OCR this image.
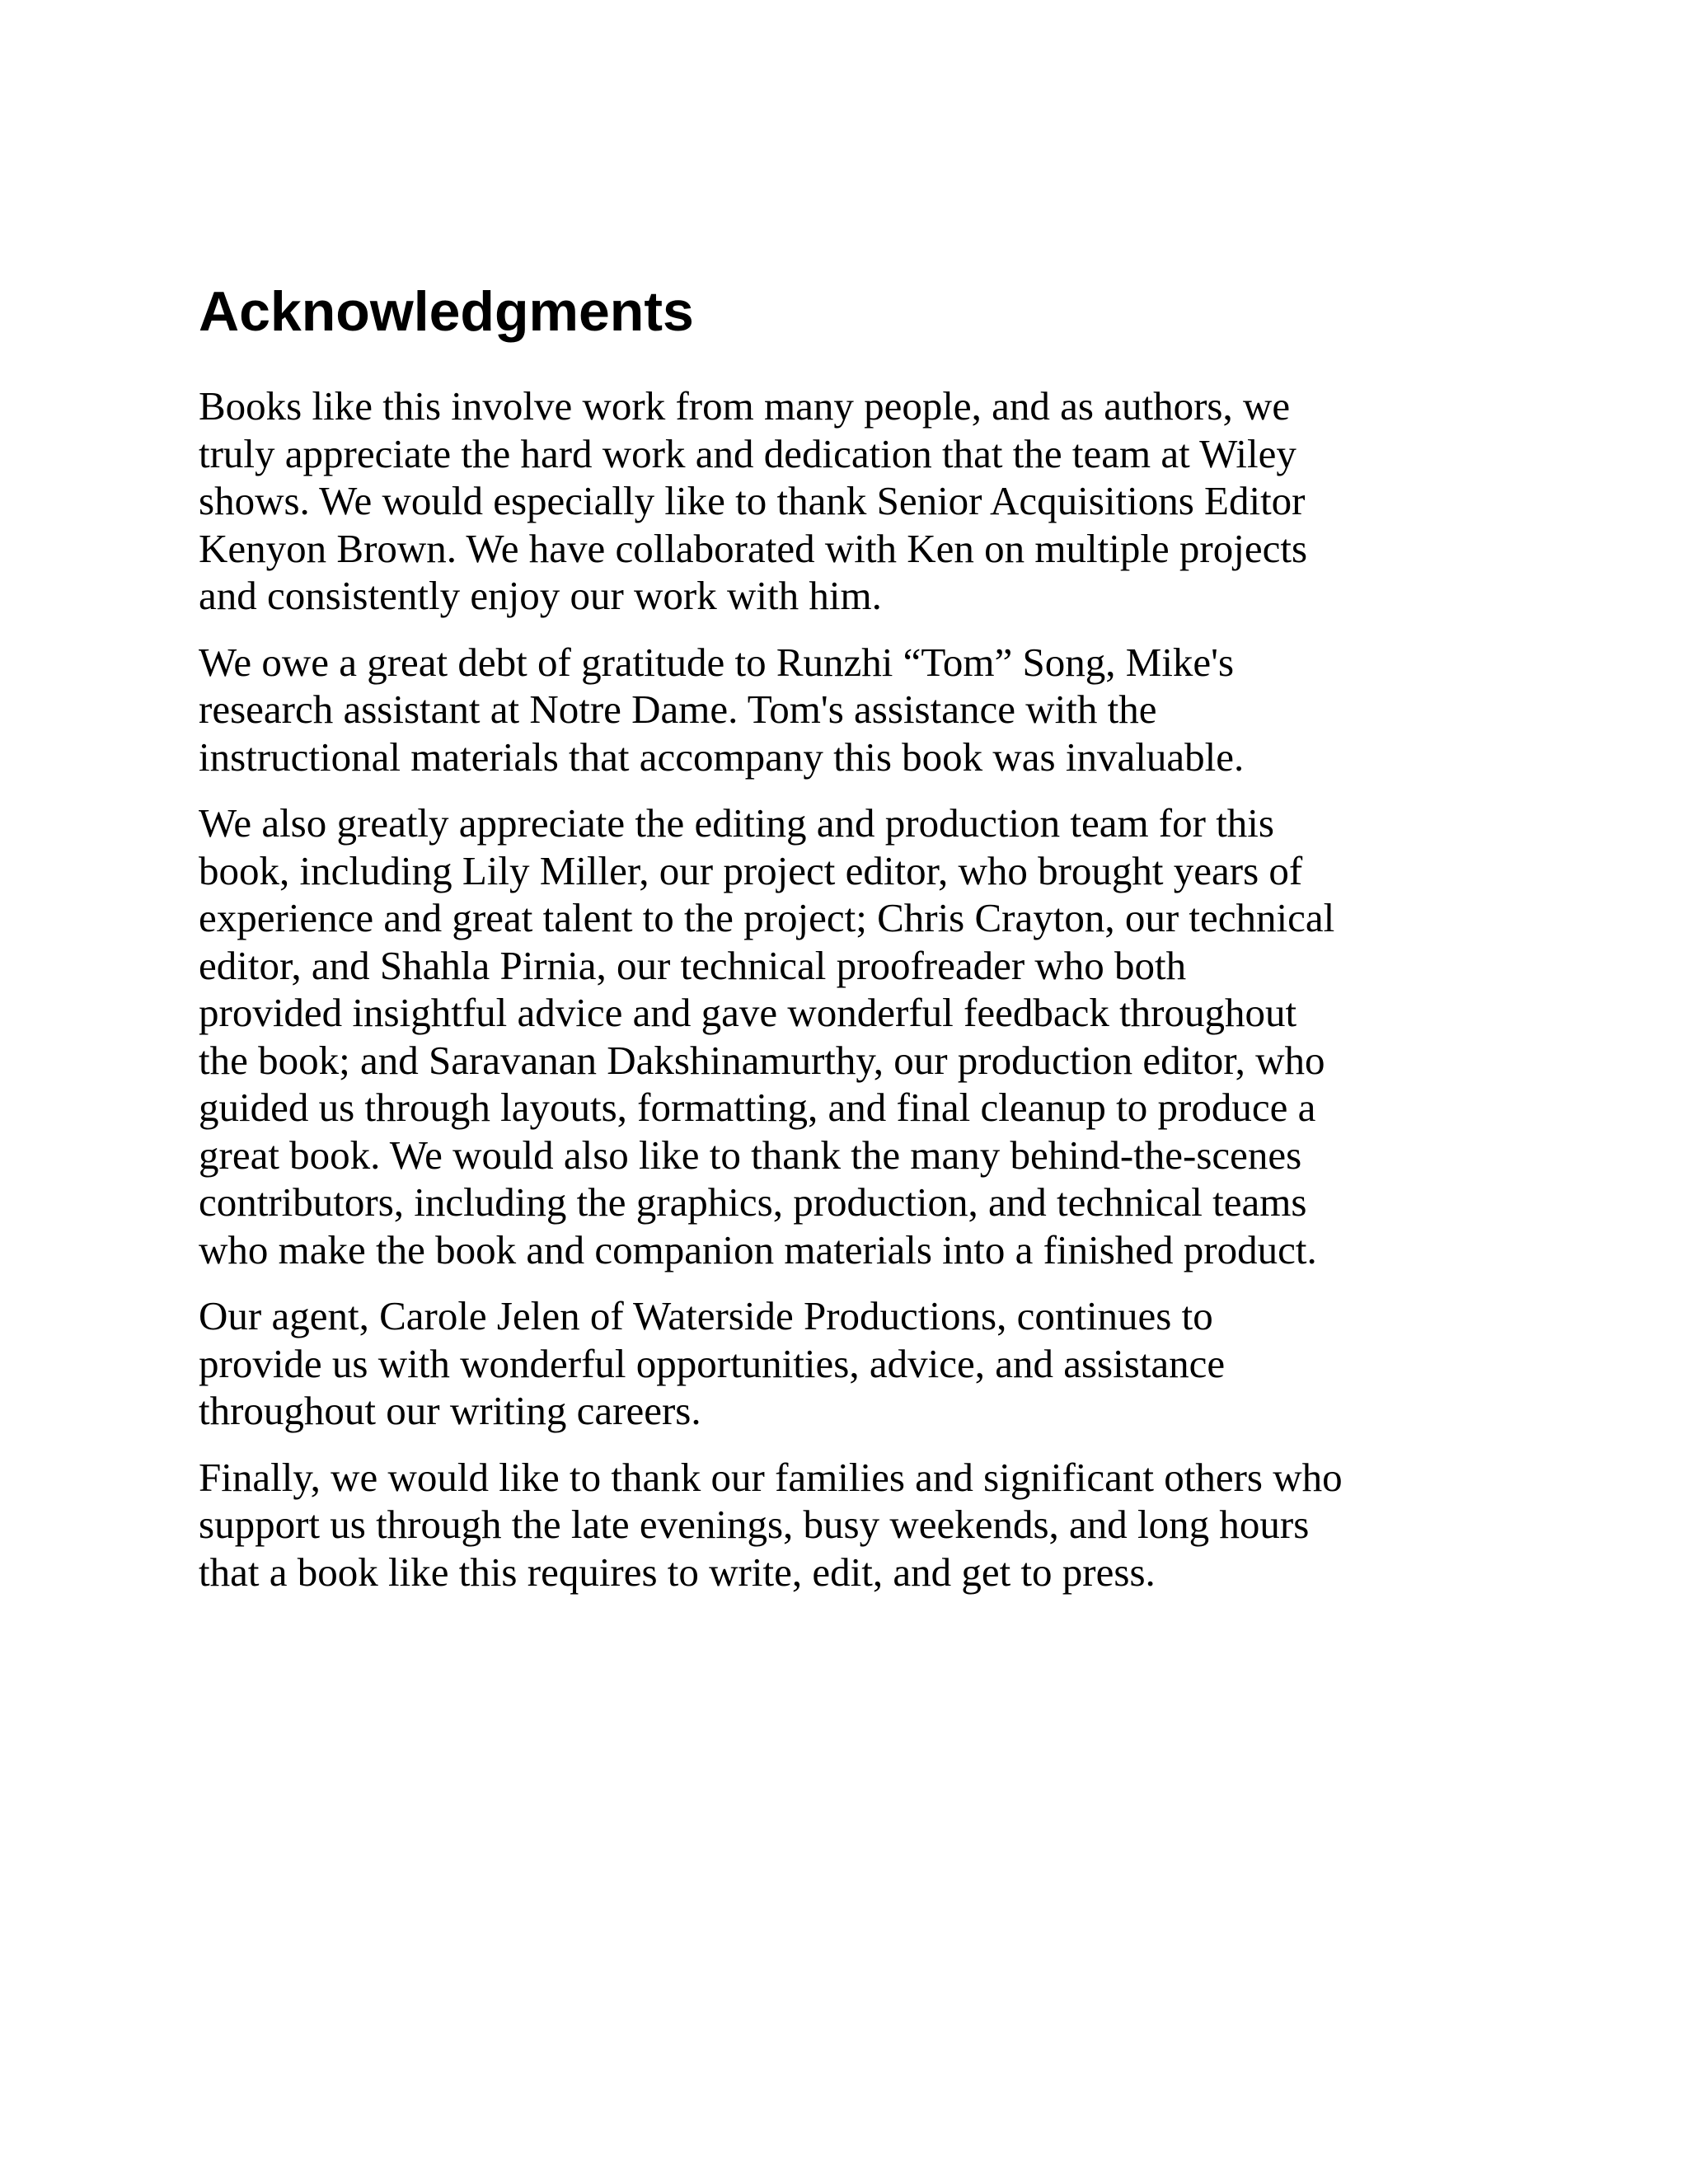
Acknowledgments

Books like this involve work from many people, and as authors, we
truly appreciate the hard work and dedication that the team at Wiley
shows. We would especially like to thank Senior Acquisitions Editor
Kenyon Brown. We have collaborated with Ken on multiple projects
and consistently enjoy our work with him.

We owe a great debt of gratitude to Runzhi “Tom” Song, Mike's
research assistant at Notre Dame. Tom's assistance with the
instructional materials that accompany this book was invaluable.

We also greatly appreciate the editing and production team for this
book, including Lily Miller, our project editor, who brought years of
experience and great talent to the project; Chris Crayton, our technical
editor, and Shahla Pirnia, our technical proofreader who both
provided insightful advice and gave wonderful feedback throughout
the book; and Saravanan Dakshinamurthy, our production editor, who
guided us through layouts, formatting, and final cleanup to produce a
great book. We would also like to thank the many behind-the-scenes
contributors, including the graphics, production, and technical teams
who make the book and companion materials into a finished product.

Our agent, Carole Jelen of Waterside Productions, continues to
provide us with wonderful opportunities, advice, and assistance
throughout our writing careers.

Finally, we would like to thank our families and significant others who
support us through the late evenings, busy weekends, and long hours
that a book like this requires to write, edit, and get to press.
